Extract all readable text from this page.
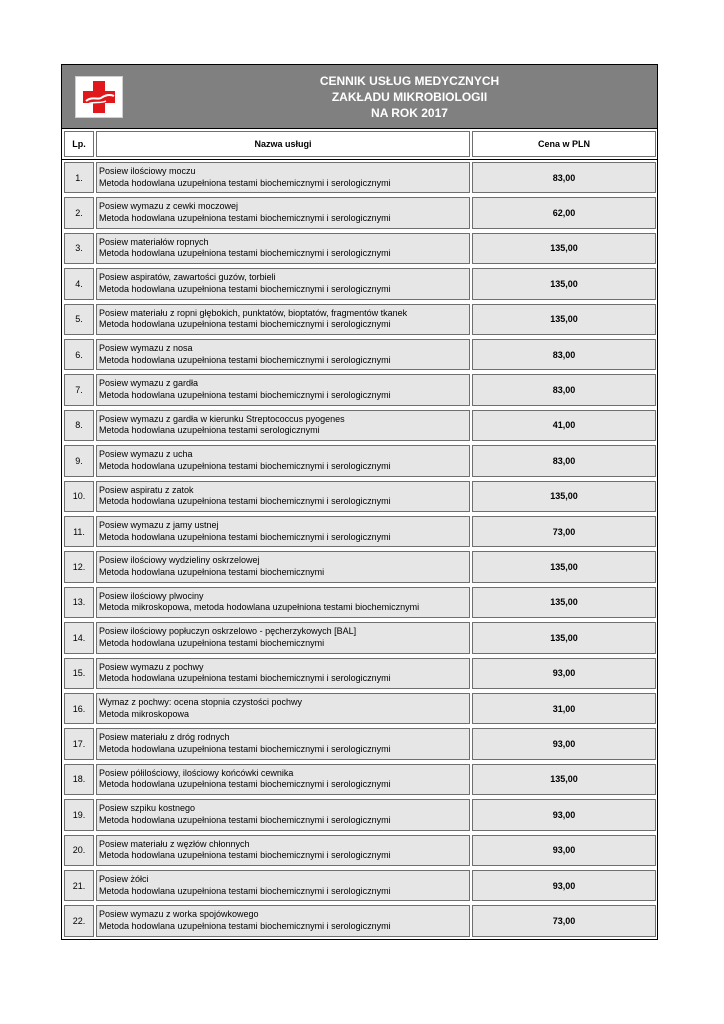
CENNIK USŁUG MEDYCZNYCH
ZAKŁADU MIKROBIOLOGII
NA ROK 2017
Lp.	Nazwa usługi	Cena w PLN
1.
Posiew ilościowy moczu
Metoda hodowlana uzupełniona testami biochemicznymi i serologicznymi	83,00
2.
Posiew wymazu z cewki moczowej
Metoda hodowlana uzupełniona testami biochemicznymi i serologicznymi	62,00
3.
Posiew materiałów ropnych
Metoda hodowlana uzupełniona testami biochemicznymi i serologicznymi	135,00
4.
Posiew aspiratów, zawartości guzów, torbieli
Metoda hodowlana uzupełniona testami biochemicznymi i serologicznymi	135,00
5.
Posiew materiału z ropni głębokich, punktatów, bioptatów, fragmentów tkanek
Metoda hodowlana uzupełniona testami biochemicznymi i serologicznymi	135,00
6.
Posiew wymazu z nosa
Metoda hodowlana uzupełniona testami biochemicznymi i serologicznymi	83,00
7.
Posiew wymazu z gardła
Metoda hodowlana uzupełniona testami biochemicznymi i serologicznymi	83,00
8.
Posiew wymazu z gardła w kierunku Streptococcus pyogenes
Metoda hodowlana uzupełniona testami serologicznymi	41,00
9.
Posiew wymazu z ucha
Metoda hodowlana uzupełniona testami biochemicznymi i serologicznymi	83,00
10.
Posiew aspiratu z zatok
Metoda hodowlana uzupełniona testami biochemicznymi i serologicznymi	135,00
11.
Posiew wymazu z jamy ustnej
Metoda hodowlana uzupełniona testami biochemicznymi i serologicznymi	73,00
12.
Posiew ilościowy wydzieliny oskrzelowej
Metoda hodowlana uzupełniona testami biochemicznymi	135,00
13.
Posiew ilościowy plwociny
Metoda mikroskopowa, metoda hodowlana uzupełniona testami biochemicznymi	135,00
14.
Posiew ilościowy popłuczyn oskrzelowo - pęcherzykowych [BAL]
Metoda hodowlana uzupełniona testami biochemicznymi	135,00
15.
Posiew wymazu z pochwy
Metoda hodowlana uzupełniona testami biochemicznymi i serologicznymi	93,00
16.
Wymaz z pochwy: ocena stopnia czystości pochwy
Metoda mikroskopowa	31,00
17.
Posiew materiału z dróg rodnych
Metoda hodowlana uzupełniona testami biochemicznymi i serologicznymi	93,00
18.
Posiew półilościowy, ilościowy końcówki cewnika
Metoda hodowlana uzupełniona testami biochemicznymi i serologicznymi	135,00
19.
Posiew szpiku kostnego
Metoda hodowlana uzupełniona testami biochemicznymi i serologicznymi	93,00
20.
Posiew materiału z węzłów chłonnych
Metoda hodowlana uzupełniona testami biochemicznymi i serologicznymi	93,00
21.
Posiew żółci
Metoda hodowlana uzupełniona testami biochemicznymi i serologicznymi	93,00
22.
Posiew wymazu z worka spojówkowego
Metoda hodowlana uzupełniona testami biochemicznymi i serologicznymi	73,00
